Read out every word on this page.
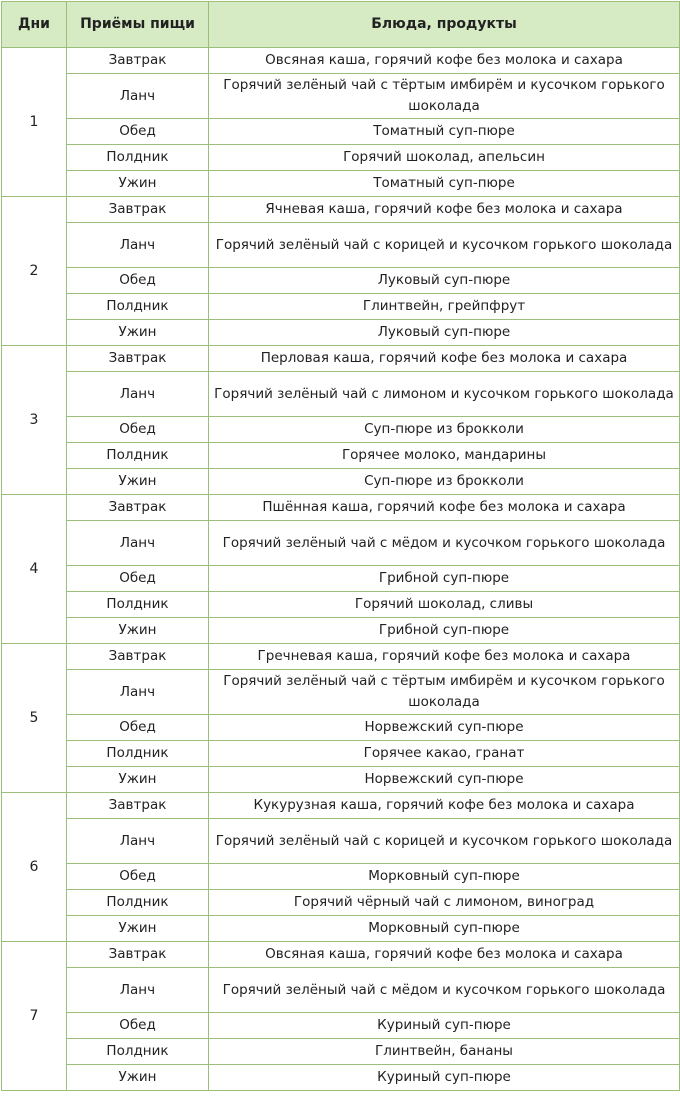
Дни	Приёмы пищи	Блюда, продукты
1	Завтрак	Овсяная каша, горячий кофе без молока и сахара
	Ланч	Горячий зелёный чай с тёртым имбирём и кусочком горького шоколада
	Обед	Томатный суп-пюре
	Полдник	Горячий шоколад, апельсин
	Ужин	Томатный суп-пюре
2	Завтрак	Ячневая каша, горячий кофе без молока и сахара
	Ланч	Горячий зелёный чай с корицей и кусочком горького шоколада
	Обед	Луковый суп-пюре
	Полдник	Глинтвейн, грейпфрут
	Ужин	Луковый суп-пюре
3	Завтрак	Перловая каша, горячий кофе без молока и сахара
	Ланч	Горячий зелёный чай с лимоном и кусочком горького шоколада
	Обед	Суп-пюре из брокколи
	Полдник	Горячее молоко, мандарины
	Ужин	Суп-пюре из брокколи
4	Завтрак	Пшённая каша, горячий кофе без молока и сахара
	Ланч	Горячий зелёный чай с мёдом и кусочком горького шоколада
	Обед	Грибной суп-пюре
	Полдник	Горячий шоколад, сливы
	Ужин	Грибной суп-пюре
5	Завтрак	Гречневая каша, горячий кофе без молока и сахара
	Ланч	Горячий зелёный чай с тёртым имбирём и кусочком горького шоколада
	Обед	Норвежский суп-пюре
	Полдник	Горячее какао, гранат
	Ужин	Норвежский суп-пюре
6	Завтрак	Кукурузная каша, горячий кофе без молока и сахара
	Ланч	Горячий зелёный чай с корицей и кусочком горького шоколада
	Обед	Морковный суп-пюре
	Полдник	Горячий чёрный чай с лимоном, виноград
	Ужин	Морковный суп-пюре
7	Завтрак	Овсяная каша, горячий кофе без молока и сахара
	Ланч	Горячий зелёный чай с мёдом и кусочком горького шоколада
	Обед	Куриный суп-пюре
	Полдник	Глинтвейн, бананы
	Ужин	Куриный суп-пюре
